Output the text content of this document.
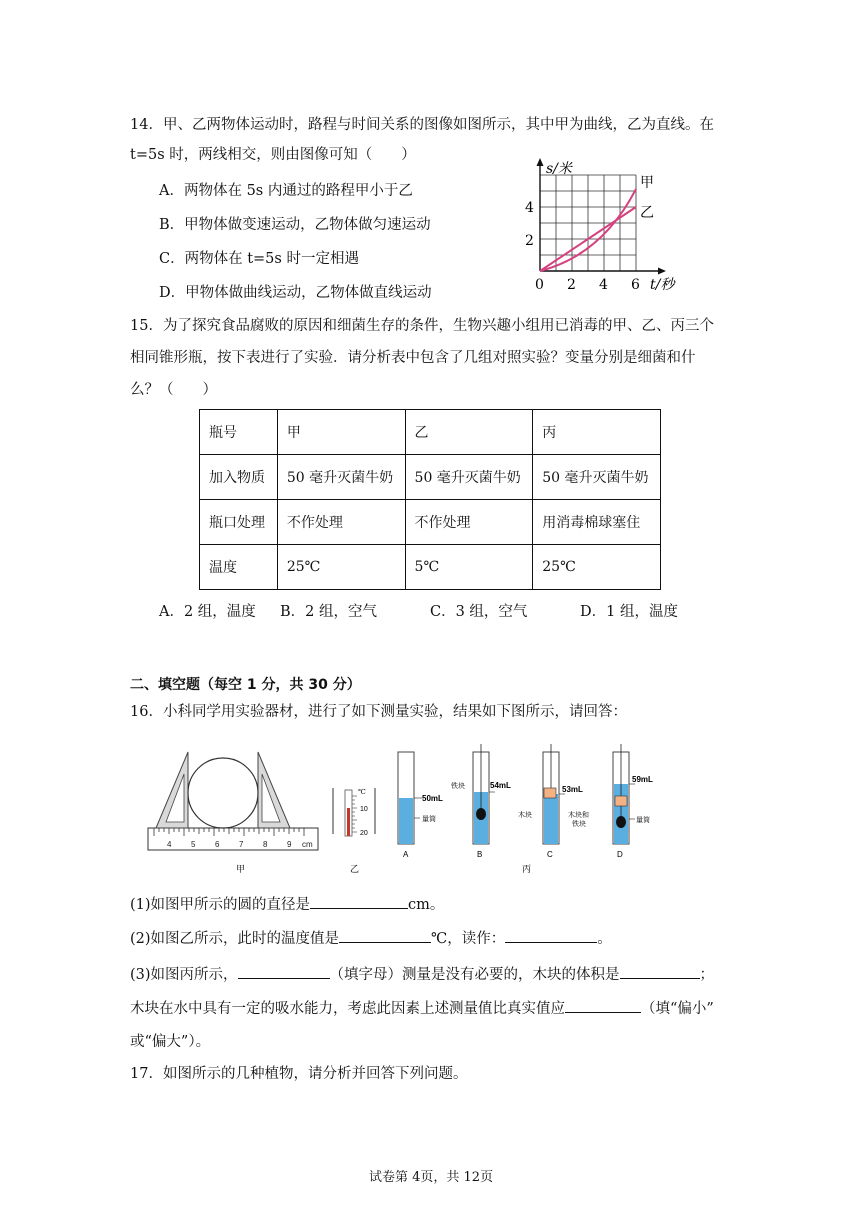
14．甲、乙两物体运动时，路程与时间关系的图像如图所示，其中甲为曲线，乙为直线。在
t=5s 时，两线相交，则由图像可知（　　）
A．两物体在 5s 内通过的路程甲小于乙
B．甲物体做变速运动，乙物体做匀速运动
C．两物体在 t=5s 时一定相遇
D．甲物体做曲线运动，乙物体做直线运动
s/米
4
2
0 2 4 6 t/秒
甲
乙
15．为了探究食品腐败的原因和细菌生存的条件，生物兴趣小组用已消毒的甲、乙、丙三个
相同锥形瓶，按下表进行了实验．请分析表中包含了几组对照实验？变量分别是细菌和什
么？（　　）
瓶号	甲	乙	丙
加入物质	50 毫升灭菌牛奶	50 毫升灭菌牛奶	50 毫升灭菌牛奶
瓶口处理	不作处理	不作处理	用消毒棉球塞住
温度	25℃	5℃	25℃
A．2 组，温度 B．2 组，空气	C．3 组，空气	D．1 组，温度
二、填空题（每空 1 分，共 30 分）
16．小科同学用实验器材，进行了如下测量实验，结果如下图所示，请回答：
4 5 6 7 8 9 cm
甲
℃
10
20
乙
50mL
量筒
A
54mL
铁块
B
53mL
木块
C
59mL
木块和
铁块
量筒
D
丙
(1)如图甲所示的圆的直径是	cm。
(2)如图乙所示，此时的温度值是	℃，读作：	。
(3)如图丙所示，	（填字母）测量是没有必要的，木块的体积是	；
木块在水中具有一定的吸水能力，考虑此因素上述测量值比真实值应	（填“偏小”
或“偏大”）。
17．如图所示的几种植物，请分析并回答下列问题。
试卷第 4页，共 12页
